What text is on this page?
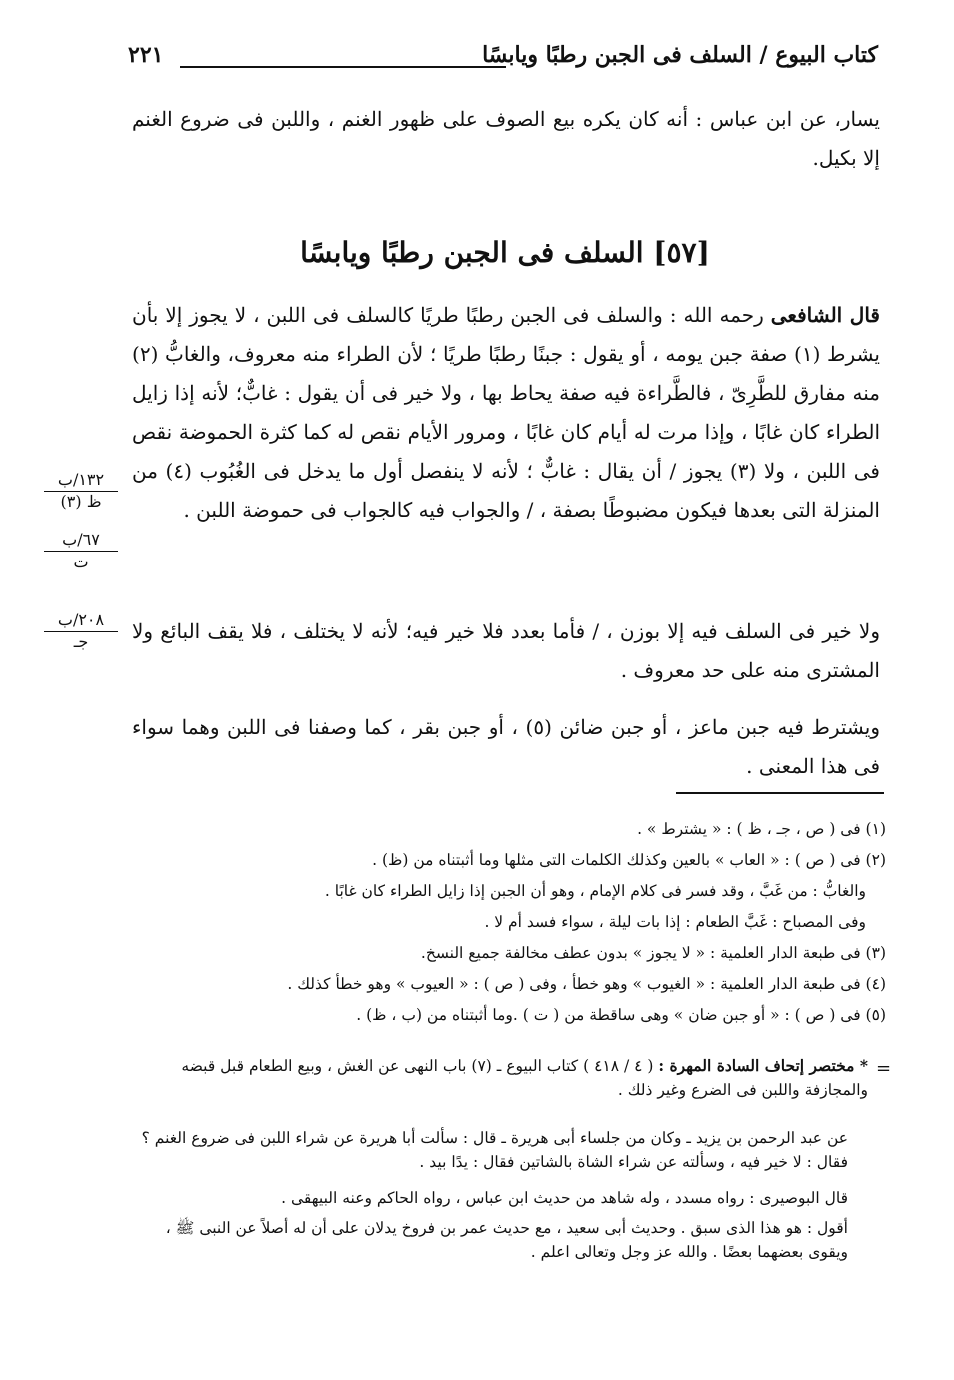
كتاب البيوع / السلف فى الجبن رطبًا ويابسًا
٢٢١
يسار، عن ابن عباس : أنه كان يكره بيع الصوف على ظهور الغنم ، واللبن فى ضروع الغنم إلا بكيل.
[٥٧] السلف فى الجبن رطبًا ويابسًا
قال الشافعى رحمه الله : والسلف فى الجبن رطبًا طريًا كالسلف فى اللبن ، لا يجوز إلا بأن يشرط (١) صفة جبن يومه ، أو يقول : جبنًا رطبًا طريًا ؛ لأن الطراء منه معروف، والغابُّ (٢) منه مفارق للطَّرِىّ ، فالطَّراءة فيه صفة يحاط بها ، ولا خير فى أن يقول : غابٌّ؛ لأنه إذا زايل الطراء كان غابًا ، وإذا مرت له أيام كان غابًا ، ومرور الأيام نقص له كما كثرة الحموضة نقص فى اللبن ، ولا (٣) يجوز / أن يقال : غابٌّ ؛ لأنه لا ينفصل أول ما يدخل فى الغُبُوب (٤) من المنزلة التى بعدها فيكون مضبوطًا بصفة ، / والجواب فيه كالجواب فى حموضة اللبن .
ولا خير فى السلف فيه إلا بوزن ، / فأما بعدد فلا خير فيه؛ لأنه لا يختلف ، فلا يقف البائع ولا المشترى منه على حد معروف .
ويشترط فيه جبن ماعز ، أو جبن ضائن (٥) ، أو جبن بقر ، كما وصفنا فى اللبن وهما سواء فى هذا المعنى .
١٣٢/ب
ظ (٣)
٦٧/ب
ت
٢٠٨/ب
جـ
(١) فى ( ص ، جـ ، ظ ) : « يشترط » .
(٢) فى ( ص ) : « العاب » بالعين وكذلك الكلمات التى مثلها وما أثبتناه من (ظ) .
والغابُّ : من غَبَّ ، وقد فسر فى كلام الإمام ، وهو أن الجبن إذا زايل الطراء كان غابًا .
وفى المصباح : غَبَّ الطعام : إذا بات ليلة ، سواء فسد أم لا .
(٣) فى طبعة الدار العلمية : « لا يجوز » بدون عطف مخالفة جميع النسخ.
(٤) فى طبعة الدار العلمية : « الغيوب » وهو خطأ ، وفى ( ص ) : « العيوب » وهو خطأ كذلك .
(٥) فى ( ص ) : « أو جبن ضان » وهى ساقطة من ( ت ) .وما أثبتناه من (ب ، ظ) .
=
* مختصر إتحاف السادة المهرة : ( ٤ / ٤١٨ ) كتاب البيوع ـ (٧) باب النهى عن الغش ، وبيع الطعام قبل قبضه والمجازفة واللبن فى الضرع وغير ذلك .
عن عبد الرحمن بن يزيد ـ وكان من جلساء أبى هريرة ـ قال : سألت أبا هريرة عن شراء اللبن فى ضروع الغنم ؟ فقال : لا خير فيه ، وسألته عن شراء الشاة بالشاتين فقال : يدًا بيد .
قال البوصيرى : رواه مسدد ، وله شاهد من حديث ابن عباس ، رواه الحاكم وعنه البيهقى .
أقول : هو هذا الذى سبق . وحديث أبى سعيد ، مع حديث عمر بن فروخ يدلان على أن له أصلاً عن النبى ﷺ ، ويقوى بعضهما بعضًا . والله عز وجل وتعالى اعلم .
